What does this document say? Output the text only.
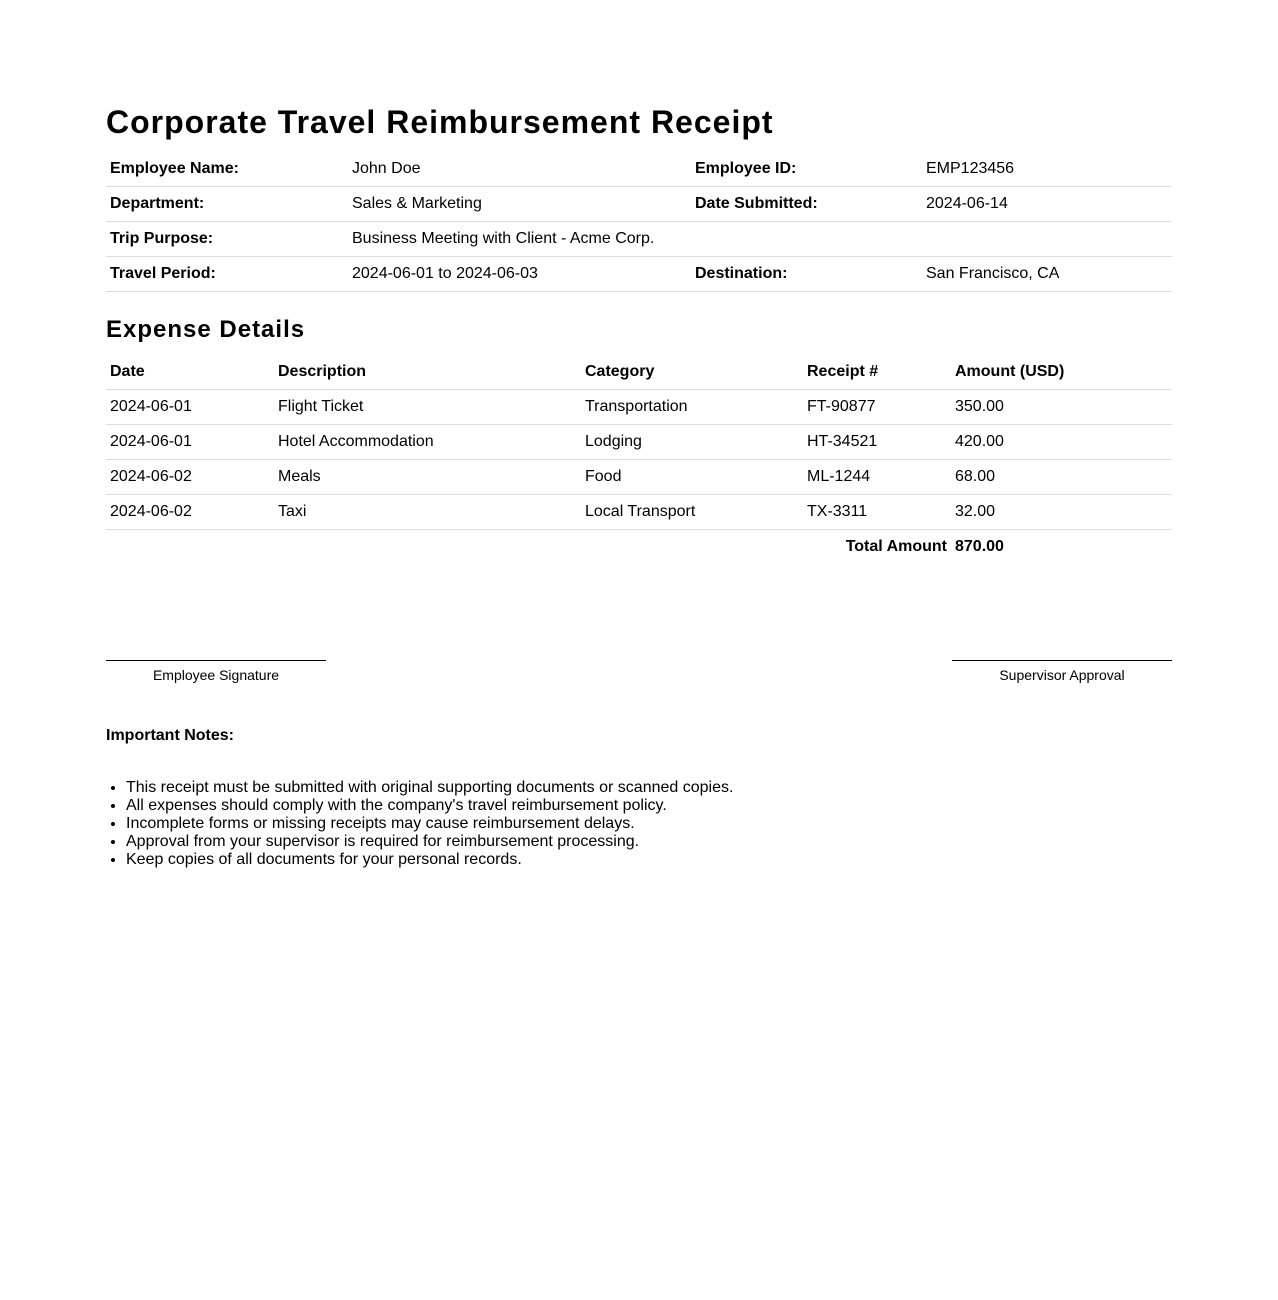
Corporate Travel Reimbursement Receipt
Employee Name:	John Doe	Employee ID:	EMP123456
Department:	Sales & Marketing	Date Submitted:	2024-06-14
Trip Purpose:	Business Meeting with Client - Acme Corp.		
Travel Period:	2024-06-01 to 2024-06-03	Destination:	San Francisco, CA
Expense Details
Date	Description	Category	Receipt #	Amount (USD)
2024-06-01	Flight Ticket	Transportation	FT-90877	350.00
2024-06-01	Hotel Accommodation	Lodging	HT-34521	420.00
2024-06-02	Meals	Food	ML-1244	68.00
2024-06-02	Taxi	Local Transport	TX-3311	32.00
Total Amount				870.00
Employee Signature	Supervisor Approval
Important Notes:
• This receipt must be submitted with original supporting documents or scanned copies.
• All expenses should comply with the company's travel reimbursement policy.
• Incomplete forms or missing receipts may cause reimbursement delays.
• Approval from your supervisor is required for reimbursement processing.
• Keep copies of all documents for your personal records.
